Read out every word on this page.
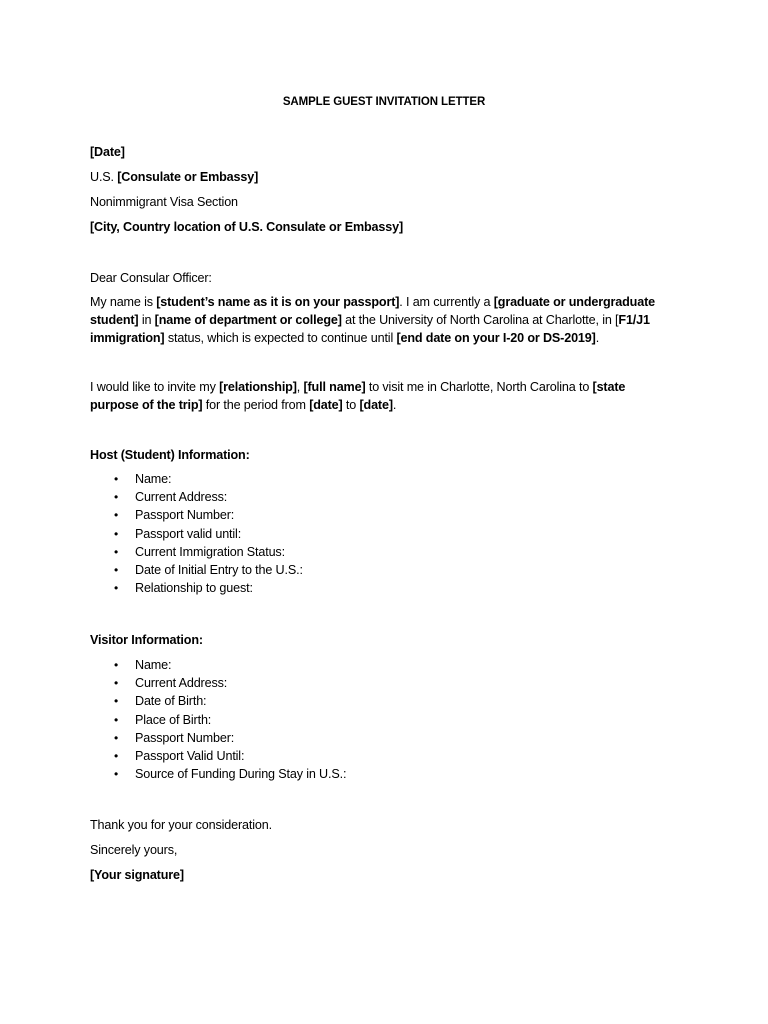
SAMPLE GUEST INVITATION LETTER
[Date]
U.S. [Consulate or Embassy]
Nonimmigrant Visa Section
[City, Country location of U.S. Consulate or Embassy]
Dear Consular Officer:
My name is [student’s name as it is on your passport]. I am currently a [graduate or undergraduate
student] in [name of department or college] at the University of North Carolina at Charlotte, in [F1/J1
immigration] status, which is expected to continue until [end date on your I-20 or DS-2019].
I would like to invite my [relationship], [full name] to visit me in Charlotte, North Carolina to [state
purpose of the trip] for the period from [date] to [date].
Host (Student) Information:
• Name:
• Current Address:
• Passport Number:
• Passport valid until:
• Current Immigration Status:
• Date of Initial Entry to the U.S.:
• Relationship to guest:
Visitor Information:
• Name:
• Current Address:
• Date of Birth:
• Place of Birth:
• Passport Number:
• Passport Valid Until:
• Source of Funding During Stay in U.S.:
Thank you for your consideration.
Sincerely yours,
[Your signature]
